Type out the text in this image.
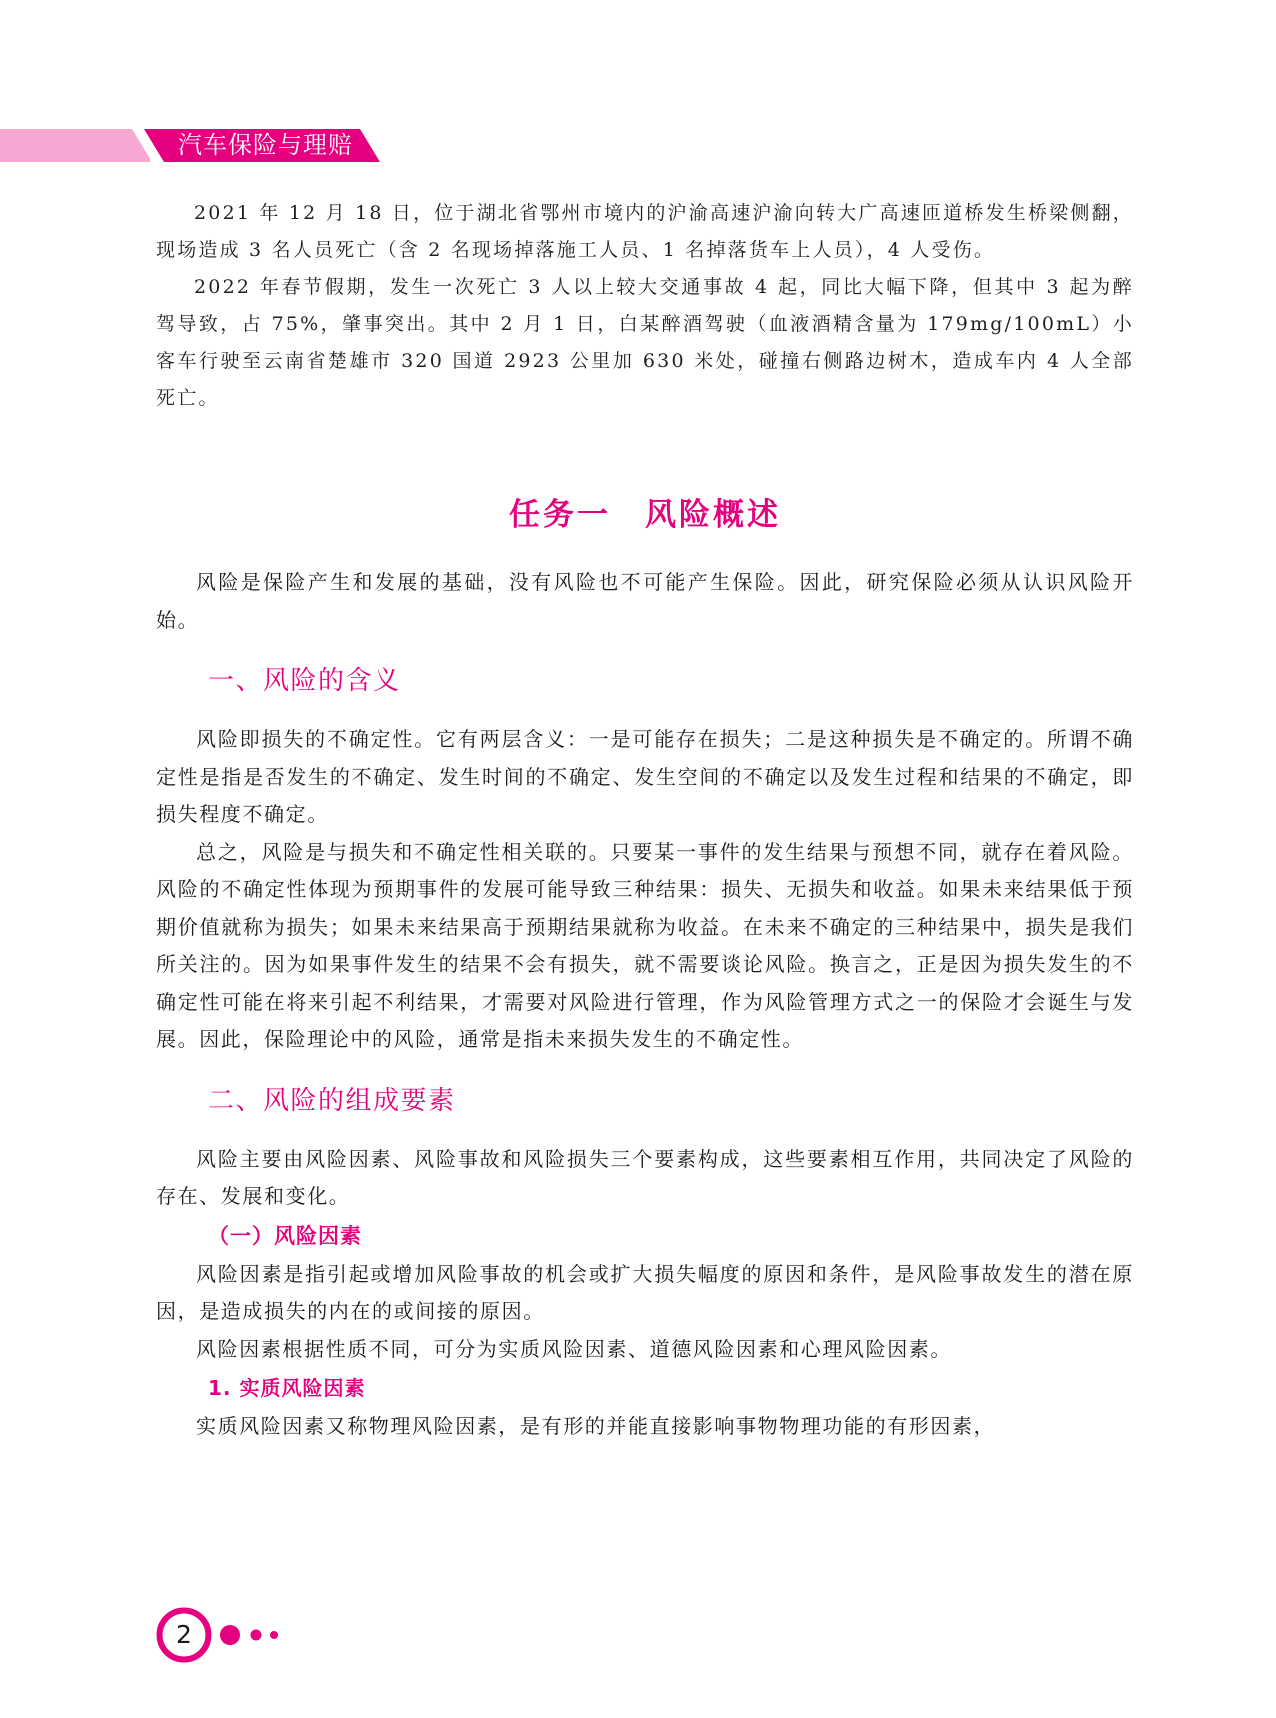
汽车保险与理赔

2021 年 12 月 18 日，位于湖北省鄂州市境内的沪渝高速沪渝向转大广高速匝道桥发生桥梁侧翻，现场造成 3 名人员死亡（含 2 名现场掉落施工人员、1 名掉落货车上人员），4 人受伤。

2022 年春节假期，发生一次死亡 3 人以上较大交通事故 4 起，同比大幅下降，但其中 3 起为醉驾导致，占 75%，肇事突出。其中 2 月 1 日，白某醉酒驾驶（血液酒精含量为 179mg/100mL）小客车行驶至云南省楚雄市 320 国道 2923 公里加 630 米处，碰撞右侧路边树木，造成车内 4 人全部死亡。

任务一　风险概述

风险是保险产生和发展的基础，没有风险也不可能产生保险。因此，研究保险必须从认识风险开始。

一、风险的含义

风险即损失的不确定性。它有两层含义：一是可能存在损失；二是这种损失是不确定的。所谓不确定性是指是否发生的不确定、发生时间的不确定、发生空间的不确定以及发生过程和结果的不确定，即损失程度不确定。

总之，风险是与损失和不确定性相关联的。只要某一事件的发生结果与预想不同，就存在着风险。风险的不确定性体现为预期事件的发展可能导致三种结果：损失、无损失和收益。如果未来结果低于预期价值就称为损失；如果未来结果高于预期结果就称为收益。在未来不确定的三种结果中，损失是我们所关注的。因为如果事件发生的结果不会有损失，就不需要谈论风险。换言之，正是因为损失发生的不确定性可能在将来引起不利结果，才需要对风险进行管理，作为风险管理方式之一的保险才会诞生与发展。因此，保险理论中的风险，通常是指未来损失发生的不确定性。

二、风险的组成要素

风险主要由风险因素、风险事故和风险损失三个要素构成，这些要素相互作用，共同决定了风险的存在、发展和变化。

（一）风险因素

风险因素是指引起或增加风险事故的机会或扩大损失幅度的原因和条件，是风险事故发生的潜在原因，是造成损失的内在的或间接的原因。

风险因素根据性质不同，可分为实质风险因素、道德风险因素和心理风险因素。

1. 实质风险因素

实质风险因素又称物理风险因素，是有形的并能直接影响事物物理功能的有形因素，

2
